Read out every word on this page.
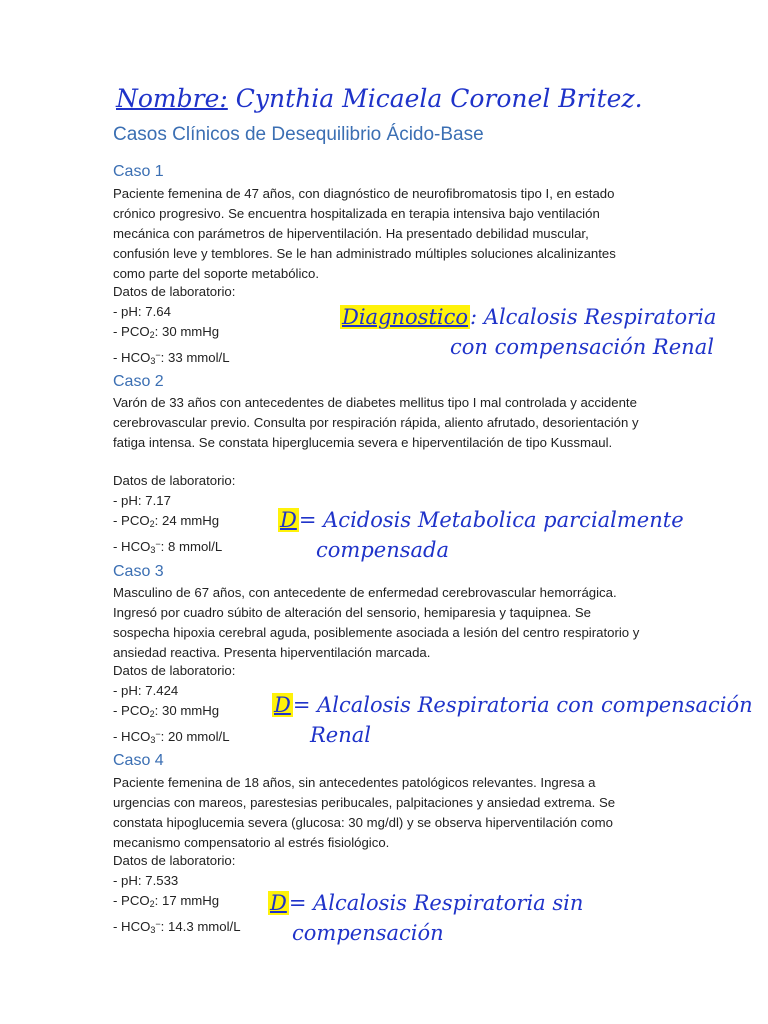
Nombre: Cynthia Micaela Coronel Britez.
Casos Clínicos de Desequilibrio Ácido-Base
Caso 1

Paciente femenina de 47 años, con diagnóstico de neurofibromatosis tipo I, en estado crónico progresivo. Se encuentra hospitalizada en terapia intensiva bajo ventilación mecánica con parámetros de hiperventilación. Ha presentado debilidad muscular, confusión leve y temblores. Se le han administrado múltiples soluciones alcalinizantes como parte del soporte metabólico.

Datos de laboratorio:
- pH: 7.64
- $PCO_2$: 30 mmHg
- $HCO_3^-$: 33 mmol/L
Diagnostico: Alcalosis Respiratoria
con compensación Renal
Caso 2

Varón de 33 años con antecedentes de diabetes mellitus tipo I mal controlada y accidente cerebrovascular previo. Consulta por respiración rápida, aliento afrutado, desorientación y fatiga intensa. Se constata hiperglucemia severa e hiperventilación de tipo Kussmaul.

Datos de laboratorio:
- pH: 7.17
- $PCO_2$: 24 mmHg
- $HCO_3^-$: 8 mmol/L
D= Acidosis Metabolica parcialmente
compensada
Caso 3

Masculino de 67 años, con antecedente de enfermedad cerebrovascular hemorrágica. Ingresó por cuadro súbito de alteración del sensorio, hemiparesia y taquipnea. Se sospecha hipoxia cerebral aguda, posiblemente asociada a lesión del centro respiratorio y ansiedad reactiva. Presenta hiperventilación marcada.

Datos de laboratorio:
- pH: 7.424
- $PCO_2$: 30 mmHg
- $HCO_3^-$: 20 mmol/L
D= Alcalosis Respiratoria con compensación
Renal
Caso 4

Paciente femenina de 18 años, sin antecedentes patológicos relevantes. Ingresa a urgencias con mareos, parestesias peribucales, palpitaciones y ansiedad extrema. Se constata hipoglucemia severa (glucosa: 30 mg/dl) y se observa hiperventilación como mecanismo compensatorio al estrés fisiológico.

Datos de laboratorio:
- pH: 7.533
- $PCO_2$: 17 mmHg
- $HCO_3^-$: 14.3 mmol/L
D= Alcalosis Respiratoria sin
compensación
